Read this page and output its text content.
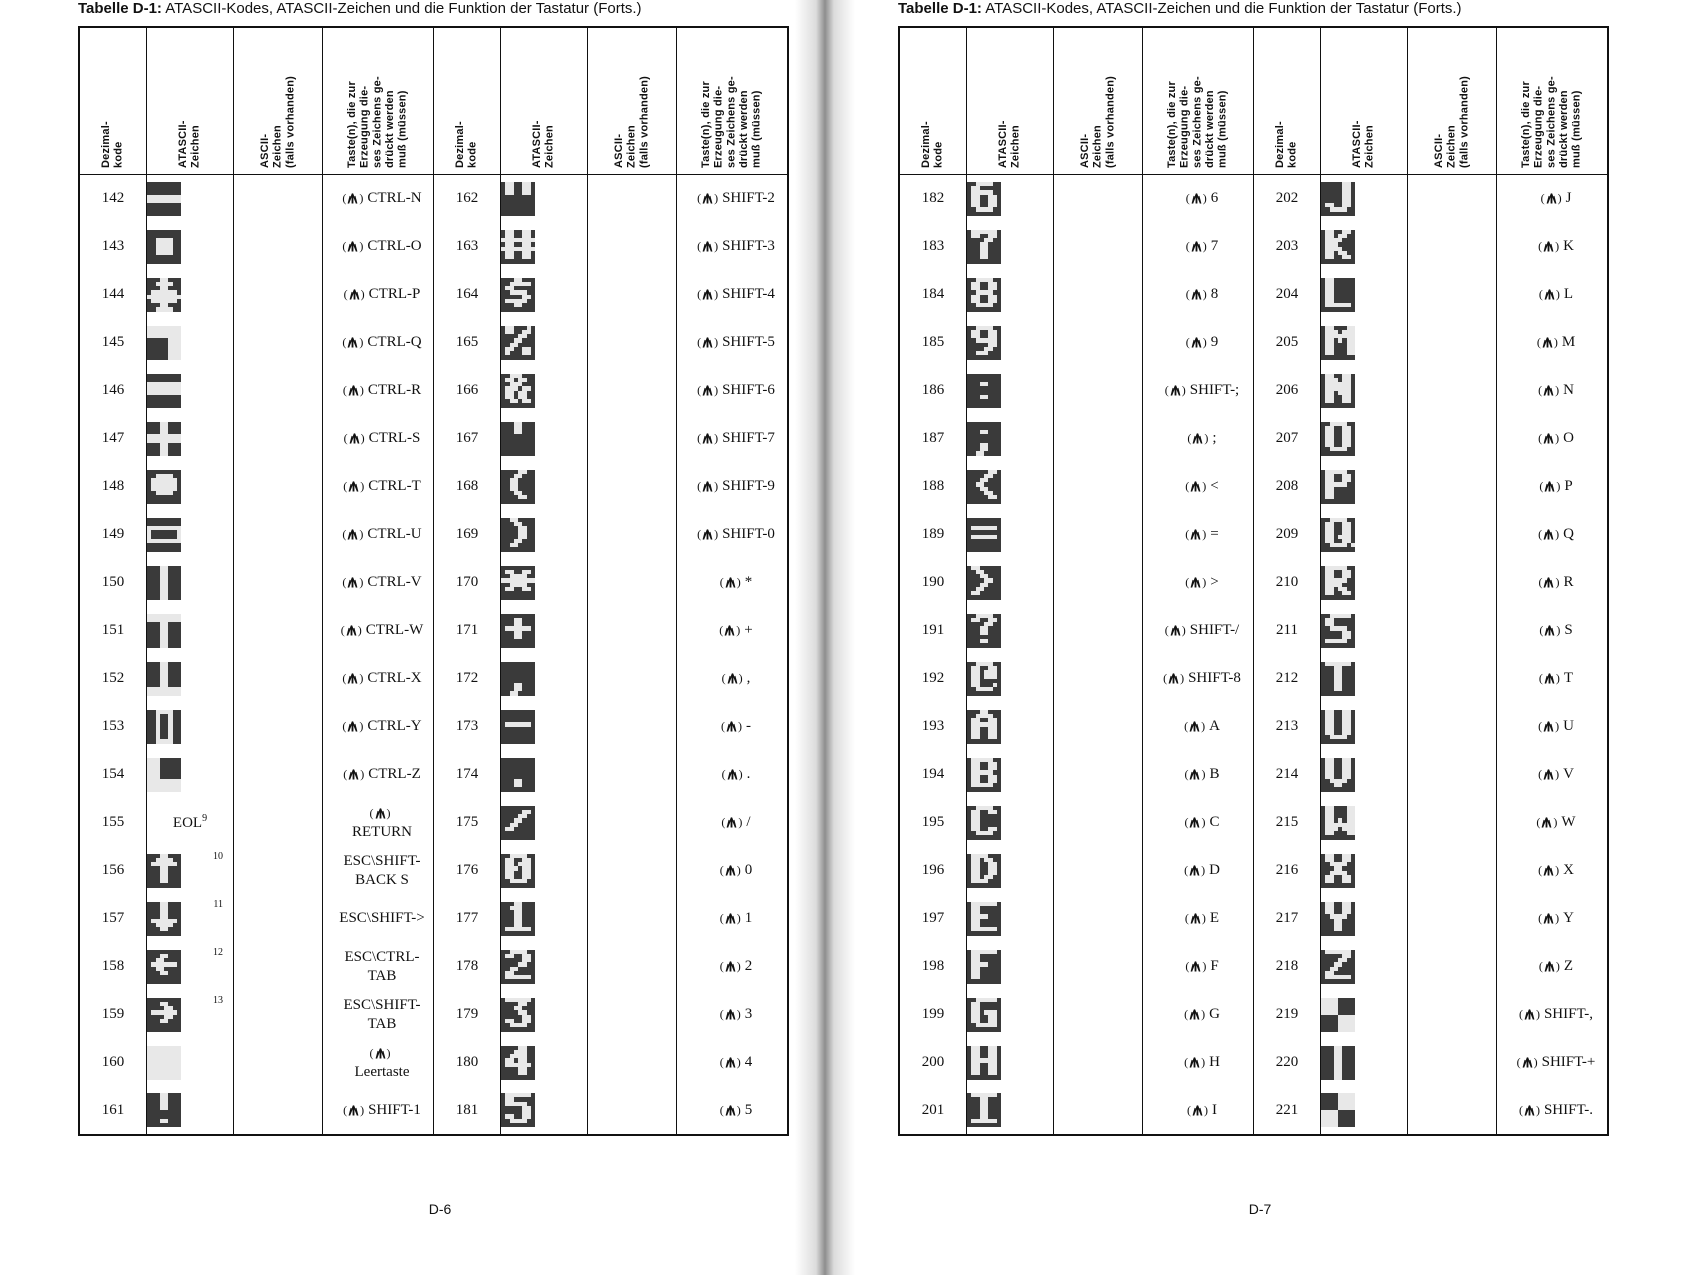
Tabelle D-1: ATASCII-Kodes, ATASCII-Zeichen und die Funktion der Tastatur (Forts.)
Dezimal-
kode	ATASCII-
Zeichen	ASCII-
Zeichen
(falls vorhanden)	Taste(n), die zur
Erzeugung die-
ses Zeichens ge-
drückt werden
muß (müssen)	Dezimal-
kode	ATASCII-
Zeichen	ASCII-
Zeichen
(falls vorhanden)	Taste(n), die zur
Erzeugung die-
ses Zeichens ge-
drückt werden
muß (müssen)

142			( ) CTRL-N	162			( ) SHIFT-2
143			( ) CTRL-O	163			( ) SHIFT-3
144			( ) CTRL-P	164			( ) SHIFT-4
145			( ) CTRL-Q	165			( ) SHIFT-5
146			( ) CTRL-R	166			( ) SHIFT-6
147			( ) CTRL-S	167			( ) SHIFT-7
148			( ) CTRL-T	168			( ) SHIFT-9
149			( ) CTRL-U	169			( ) SHIFT-0
150			( ) CTRL-V	170			( ) *
151			( ) CTRL-W	171			( ) +
152			( ) CTRL-X	172			( ) ,
153			( ) CTRL-Y	173			( ) -
154			( ) CTRL-Z	174			( ) .
155	EOL$^9$		( )
RETURN	175			( ) /
156	10		ESC\SHIFT-BACK S	176			( ) 0
157	11		ESC\SHIFT->	177			( ) 1
158	12		ESC\CTRL-TAB	178			( ) 2
159	13		ESC\SHIFT-TAB	179			( ) 3
160			( )
Leertaste	180			( ) 4
161			( ) SHIFT-1	181			( ) 5
D-6
Tabelle D-1: ATASCII-Kodes, ATASCII-Zeichen und die Funktion der Tastatur (Forts.)
Dezimal-
kode	ATASCII-
Zeichen	ASCII-
Zeichen
(falls vorhanden)	Taste(n), die zur
Erzeugung die-
ses Zeichens ge-
drückt werden
muß (müssen)	Dezimal-
kode	ATASCII-
Zeichen	ASCII-
Zeichen
(falls vorhanden)	Taste(n), die zur
Erzeugung die-
ses Zeichens ge-
drückt werden
muß (müssen)

182			( ) 6	202			( ) J
183			( ) 7	203			( ) K
184			( ) 8	204			( ) L
185			( ) 9	205			( ) M
186			( ) SHIFT-;	206			( ) N
187			( ) ;	207			( ) O
188			( ) <	208			( ) P
189			( ) =	209			( ) Q
190			( ) >	210			( ) R
191			( ) SHIFT-/	211			( ) S
192			( ) SHIFT-8	212			( ) T
193			( ) A	213			( ) U
194			( ) B	214			( ) V
195			( ) C	215			( ) W
196			( ) D	216			( ) X
197			( ) E	217			( ) Y
198			( ) F	218			( ) Z
199			( ) G	219			( ) SHIFT-,
200			( ) H	220			( ) SHIFT-+
201			( ) I	221			( ) SHIFT-.
D-7
